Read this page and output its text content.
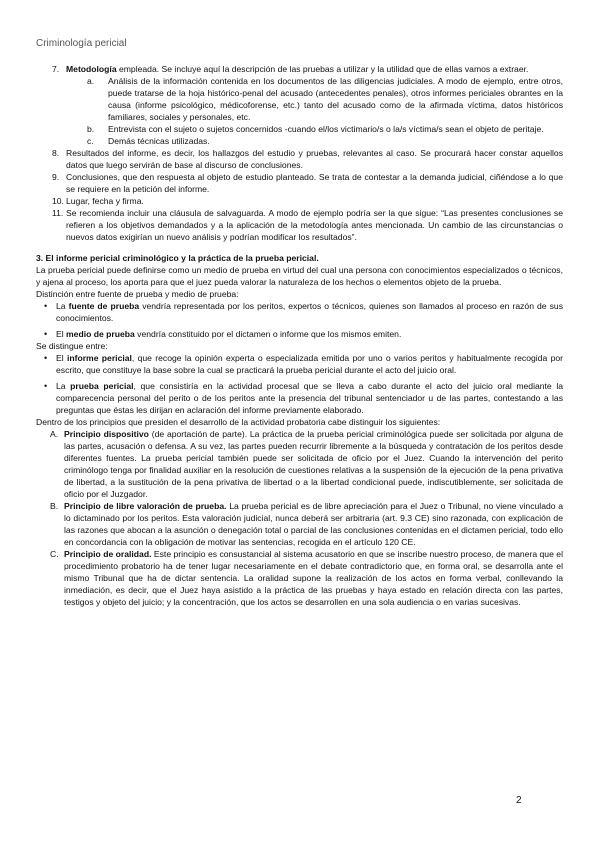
Criminología pericial
7. Metodología empleada. Se incluye aquí la descripción de las pruebas a utilizar y la utilidad que de ellas vamos a extraer.
a.	Análisis de la información contenida en los documentos de las diligencias judiciales. A modo de ejemplo, entre otros, puede tratarse de la hoja histórico-penal del acusado (antecedentes penales), otros informes periciales obrantes en la causa (informe psicológico, médicoforense, etc.) tanto del acusado como de la afirmada víctima, datos históricos familiares, sociales y personales, etc.
b.	Entrevista con el sujeto o sujetos concernidos -cuando el/los victimario/s o la/s víctima/s sean el objeto de peritaje.
c.	Demás técnicas utilizadas.
8. Resultados del informe, es decir, los hallazgos del estudio y pruebas, relevantes al caso. Se procurará hacer constar aquellos datos que luego servirán de base al discurso de conclusiones.
9. Conclusiones, que den respuesta al objeto de estudio planteado. Se trata de contestar a la demanda judicial, ciñéndose a lo que se requiere en la petición del informe.
10. Lugar, fecha y firma.
11. Se recomienda incluir una cláusula de salvaguarda. A modo de ejemplo podría ser la que sigue: “Las presentes conclusiones se refieren a los objetivos demandados y a la aplicación de la metodología antes mencionada. Un cambio de las circunstancias o nuevos datos exigirían un nuevo análisis y podrían modificar los resultados”.

3. El informe pericial criminológico y la práctica de la prueba pericial.

La prueba pericial puede definirse como un medio de prueba en virtud del cual una persona con conocimientos especializados o técnicos, y ajena al proceso, los aporta para que el juez pueda valorar la naturaleza de los hechos o elementos objeto de la prueba.

Distinción entre fuente de prueba y medio de prueba:

•	La fuente de prueba vendría representada por los peritos, expertos o técnicos, quienes son llamados al proceso en razón de sus conocimientos.
•	El medio de prueba vendría constituido por el dictamen o informe que los mismos emiten.

Se distingue entre:

•	El informe pericial, que recoge la opinión experta o especializada emitida por uno o varios peritos y habitualmente recogida por escrito, que constituye la base sobre la cual se practicará la prueba pericial durante el acto del juicio oral.
•	La prueba pericial, que consistiría en la actividad procesal que se lleva a cabo durante el acto del juicio oral mediante la comparecencia personal del perito o de los peritos ante la presencia del tribunal sentenciador u de las partes, contestando a las preguntas que éstas les dirijan en aclaración del informe previamente elaborado.

Dentro de los principios que presiden el desarrollo de la actividad probatoria cabe distinguir los siguientes:

A. Principio dispositivo (de aportación de parte). La práctica de la prueba pericial criminológica puede ser solicitada por alguna de las partes, acusación o defensa. A su vez, las partes pueden recurrir libremente a la búsqueda y contratación de los peritos desde diferentes fuentes. La prueba pericial también puede ser solicitada de oficio por el Juez. Cuando la intervención del perito criminólogo tenga por finalidad auxiliar en la resolución de cuestiones relativas a la suspensión de la ejecución de la pena privativa de libertad, a la sustitución de la pena privativa de libertad o a la libertad condicional puede, indiscutiblemente, ser solicitada de oficio por el Juzgador.
B. Principio de libre valoración de prueba. La prueba pericial es de libre apreciación para el Juez o Tribunal, no viene vinculado a lo dictaminado por los peritos. Esta valoración judicial, nunca deberá ser arbitraria (art. 9.3 CE) sino razonada, con explicación de las razones que abocan a la asunción o denegación total o parcial de las conclusiones contenidas en el dictamen pericial, todo ello en concordancia con la obligación de motivar las sentencias, recogida en el artículo 120 CE.
C. Principio de oralidad. Este principio es consustancial al sistema acusatorio en que se inscribe nuestro proceso, de manera que el procedimiento probatorio ha de tener lugar necesariamente en el debate contradictorio que, en forma oral, se desarrolla ante el mismo Tribunal que ha de dictar sentencia. La oralidad supone la realización de los actos en forma verbal, conllevando la inmediación, es decir, que el Juez haya asistido a la práctica de las pruebas y haya estado en relación directa con las partes, testigos y objeto del juicio; y la concentración, que los actos se desarrollen en una sola audiencia o en varias sucesivas.
2
